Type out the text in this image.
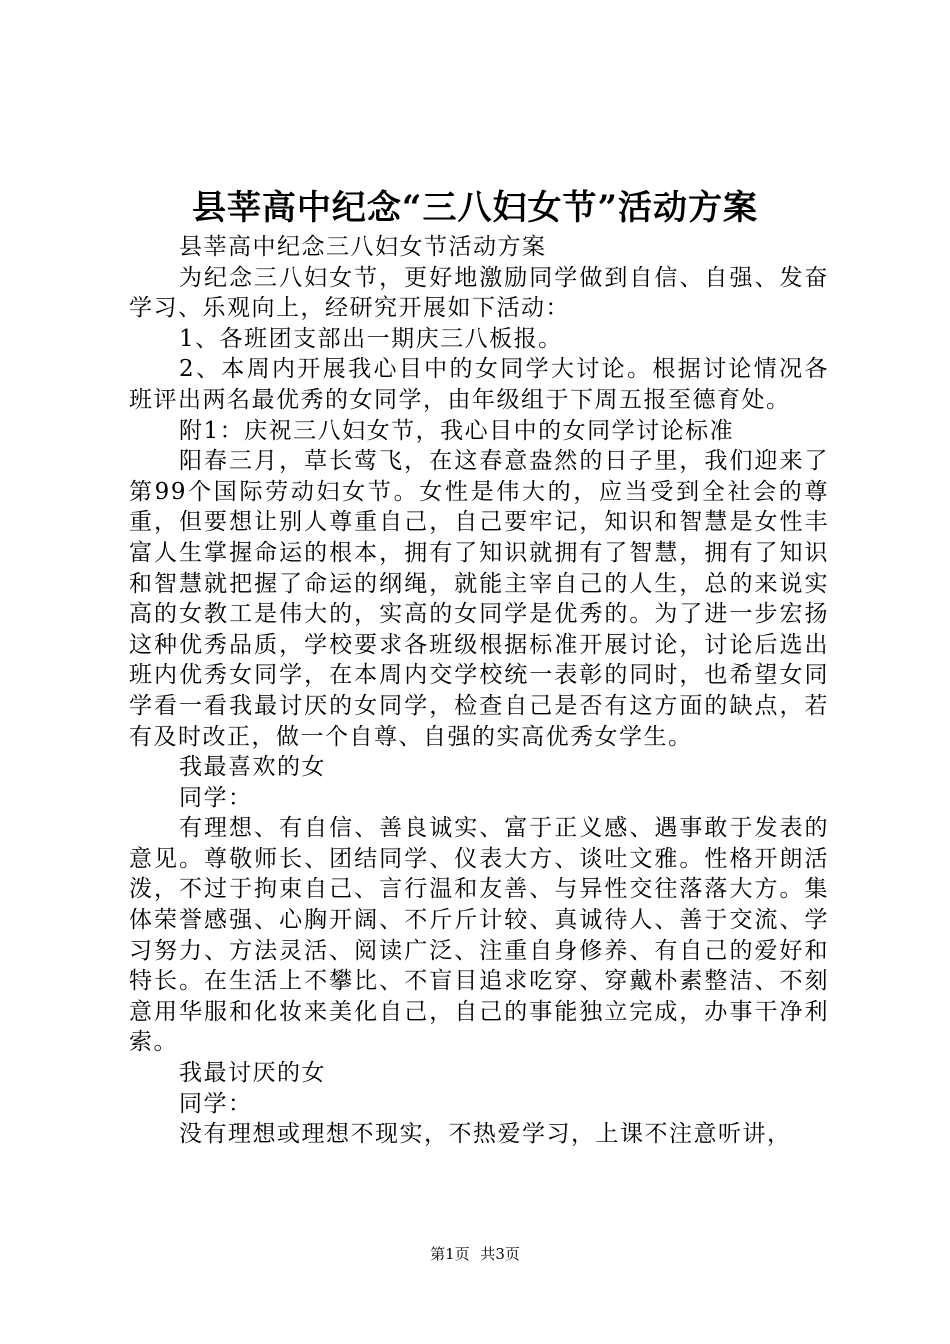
县莘高中纪念“三八妇女节”活动方案

县莘高中纪念三八妇女节活动方案

为纪念三八妇女节，更好地激励同学做到自信、自强、发奋学习、乐观向上，经研究开展如下活动：

1、各班团支部出一期庆三八板报。

2、本周内开展我心目中的女同学大讨论。根据讨论情况各班评出两名最优秀的女同学，由年级组于下周五报至德育处。

附1：庆祝三八妇女节，我心目中的女同学讨论标准

阳春三月，草长莺飞，在这春意盎然的日子里，我们迎来了第99个国际劳动妇女节。女性是伟大的，应当受到全社会的尊重，但要想让别人尊重自己，自己要牢记，知识和智慧是女性丰富人生掌握命运的根本，拥有了知识就拥有了智慧，拥有了知识和智慧就把握了命运的纲绳，就能主宰自己的人生，总的来说实高的女教工是伟大的，实高的女同学是优秀的。为了进一步宏扬这种优秀品质，学校要求各班级根据标准开展讨论，讨论后选出班内优秀女同学，在本周内交学校统一表彰的同时，也希望女同学看一看我最讨厌的女同学，检查自己是否有这方面的缺点，若有及时改正，做一个自尊、自强的实高优秀女学生。

我最喜欢的女

同学：

有理想、有自信、善良诚实、富于正义感、遇事敢于发表的意见。尊敬师长、团结同学、仪表大方、谈吐文雅。性格开朗活泼，不过于拘束自己、言行温和友善、与异性交往落落大方。集体荣誉感强、心胸开阔、不斤斤计较、真诚待人、善于交流、学习努力、方法灵活、阅读广泛、注重自身修养、有自己的爱好和特长。在生活上不攀比、不盲目追求吃穿、穿戴朴素整洁、不刻意用华服和化妆来美化自己，自己的事能独立完成，办事干净利索。

我最讨厌的女

同学：

没有理想或理想不现实，不热爱学习，上课不注意听讲，

第1页 共3页
